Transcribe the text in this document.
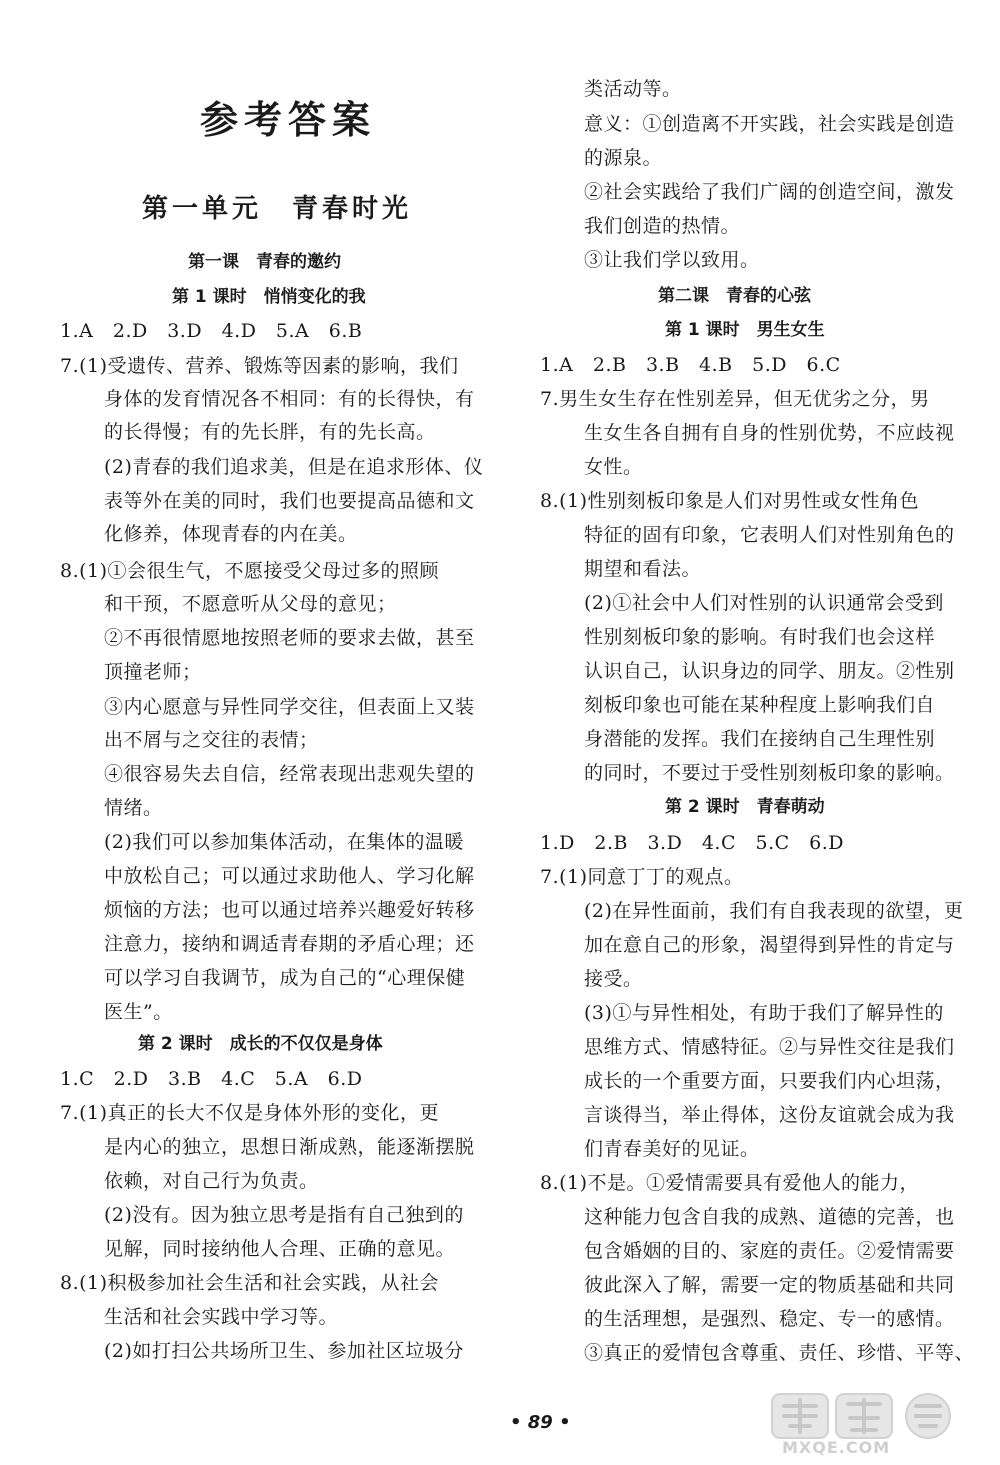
参考答案
第一单元　青春时光
第一课　青春的邀约
第 1 课时　悄悄变化的我
1.A　2.D　3.D　4.D　5.A　6.B
7.(1)受遗传、营养、锻炼等因素的影响，我们
身体的发育情况各不相同：有的长得快，有
的长得慢；有的先长胖，有的先长高。
(2)青春的我们追求美，但是在追求形体、仪
表等外在美的同时，我们也要提高品德和文
化修养，体现青春的内在美。
8.(1)①会很生气，不愿接受父母过多的照顾
和干预，不愿意听从父母的意见；
②不再很情愿地按照老师的要求去做，甚至
顶撞老师；
③内心愿意与异性同学交往，但表面上又装
出不屑与之交往的表情；
④很容易失去自信，经常表现出悲观失望的
情绪。
(2)我们可以参加集体活动，在集体的温暖
中放松自己；可以通过求助他人、学习化解
烦恼的方法；也可以通过培养兴趣爱好转移
注意力，接纳和调适青春期的矛盾心理；还
可以学习自我调节，成为自己的“心理保健
医生”。
第 2 课时　成长的不仅仅是身体
1.C　2.D　3.B　4.C　5.A　6.D
7.(1)真正的长大不仅是身体外形的变化，更
是内心的独立，思想日渐成熟，能逐渐摆脱
依赖，对自己行为负责。
(2)没有。因为独立思考是指有自己独到的
见解，同时接纳他人合理、正确的意见。
8.(1)积极参加社会生活和社会实践，从社会
生活和社会实践中学习等。
(2)如打扫公共场所卫生、参加社区垃圾分
类活动等。
意义：①创造离不开实践，社会实践是创造
的源泉。
②社会实践给了我们广阔的创造空间，激发
我们创造的热情。
③让我们学以致用。
第二课　青春的心弦
第 1 课时　男生女生
1.A　2.B　3.B　4.B　5.D　6.C
7.男生女生存在性别差异，但无优劣之分，男
生女生各自拥有自身的性别优势，不应歧视
女性。
8.(1)性别刻板印象是人们对男性或女性角色
特征的固有印象，它表明人们对性别角色的
期望和看法。
(2)①社会中人们对性别的认识通常会受到
性别刻板印象的影响。有时我们也会这样
认识自己，认识身边的同学、朋友。②性别
刻板印象也可能在某种程度上影响我们自
身潜能的发挥。我们在接纳自己生理性别
的同时，不要过于受性别刻板印象的影响。
第 2 课时　青春萌动
1.D　2.B　3.D　4.C　5.C　6.D
7.(1)同意丁丁的观点。
(2)在异性面前，我们有自我表现的欲望，更
加在意自己的形象，渴望得到异性的肯定与
接受。
(3)①与异性相处，有助于我们了解异性的
思维方式、情感特征。②与异性交往是我们
成长的一个重要方面，只要我们内心坦荡，
言谈得当，举止得体，这份友谊就会成为我
们青春美好的见证。
8.(1)不是。①爱情需要具有爱他人的能力，
这种能力包含自我的成熟、道德的完善，也
包含婚姻的目的、家庭的责任。②爱情需要
彼此深入了解，需要一定的物质基础和共同
的生活理想，是强烈、稳定、专一的感情。
③真正的爱情包含尊重、责任、珍惜、平等、
• 89 •
MXQE.COM
